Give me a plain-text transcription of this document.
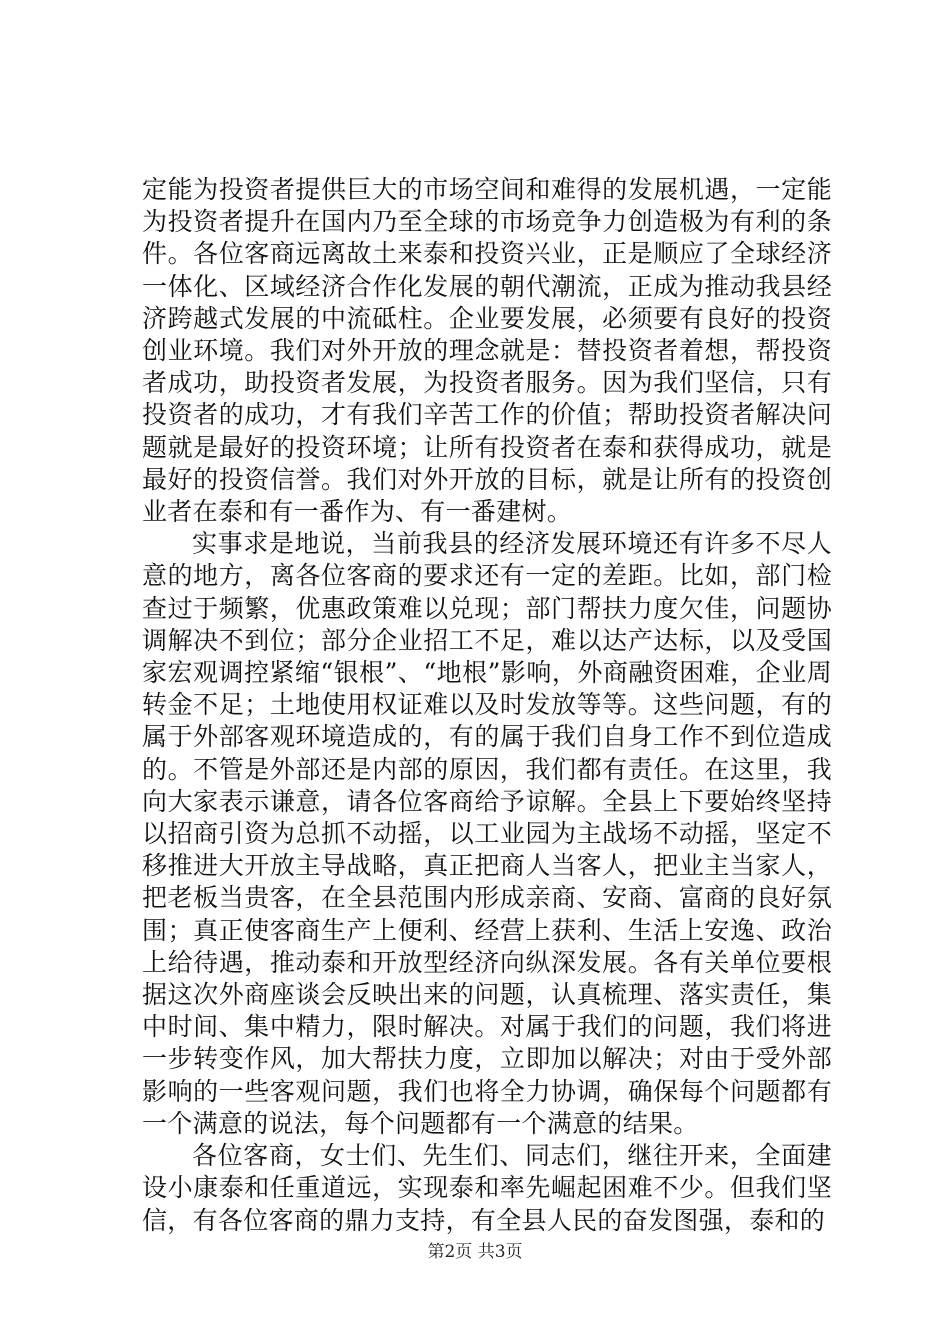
定能为投资者提供巨大的市场空间和难得的发展机遇，一定能为投资者提升在国内乃至全球的市场竞争力创造极为有利的条件。各位客商远离故土来泰和投资兴业，正是顺应了全球经济一体化、区域经济合作化发展的朝代潮流，正成为推动我县经济跨越式发展的中流砥柱。企业要发展，必须要有良好的投资创业环境。我们对外开放的理念就是：替投资者着想，帮投资者成功，助投资者发展，为投资者服务。因为我们坚信，只有投资者的成功，才有我们辛苦工作的价值；帮助投资者解决问题就是最好的投资环境；让所有投资者在泰和获得成功，就是最好的投资信誉。我们对外开放的目标，就是让所有的投资创业者在泰和有一番作为、有一番建树。

实事求是地说，当前我县的经济发展环境还有许多不尽人意的地方，离各位客商的要求还有一定的差距。比如，部门检查过于频繁，优惠政策难以兑现；部门帮扶力度欠佳，问题协调解决不到位；部分企业招工不足，难以达产达标，以及受国家宏观调控紧缩“银根”、“地根”影响，外商融资困难，企业周转金不足；土地使用权证难以及时发放等等。这些问题，有的属于外部客观环境造成的，有的属于我们自身工作不到位造成的。不管是外部还是内部的原因，我们都有责任。在这里，我向大家表示谦意，请各位客商给予谅解。全县上下要始终坚持以招商引资为总抓不动摇，以工业园为主战场不动摇，坚定不移推进大开放主导战略，真正把商人当客人，把业主当家人，把老板当贵客，在全县范围内形成亲商、安商、富商的良好氛围；真正使客商生产上便利、经营上获利、生活上安逸、政治上给待遇，推动泰和开放型经济向纵深发展。各有关单位要根据这次外商座谈会反映出来的问题，认真梳理、落实责任，集中时间、集中精力，限时解决。对属于我们的问题，我们将进一步转变作风，加大帮扶力度，立即加以解决；对由于受外部影响的一些客观问题，我们也将全力协调，确保每个问题都有一个满意的说法，每个问题都有一个满意的结果。

各位客商，女士们、先生们、同志们，继往开来，全面建设小康泰和任重道远，实现泰和率先崛起困难不少。但我们坚信，有各位客商的鼎力支持，有全县人民的奋发图强，泰和的

第2页 共3页
